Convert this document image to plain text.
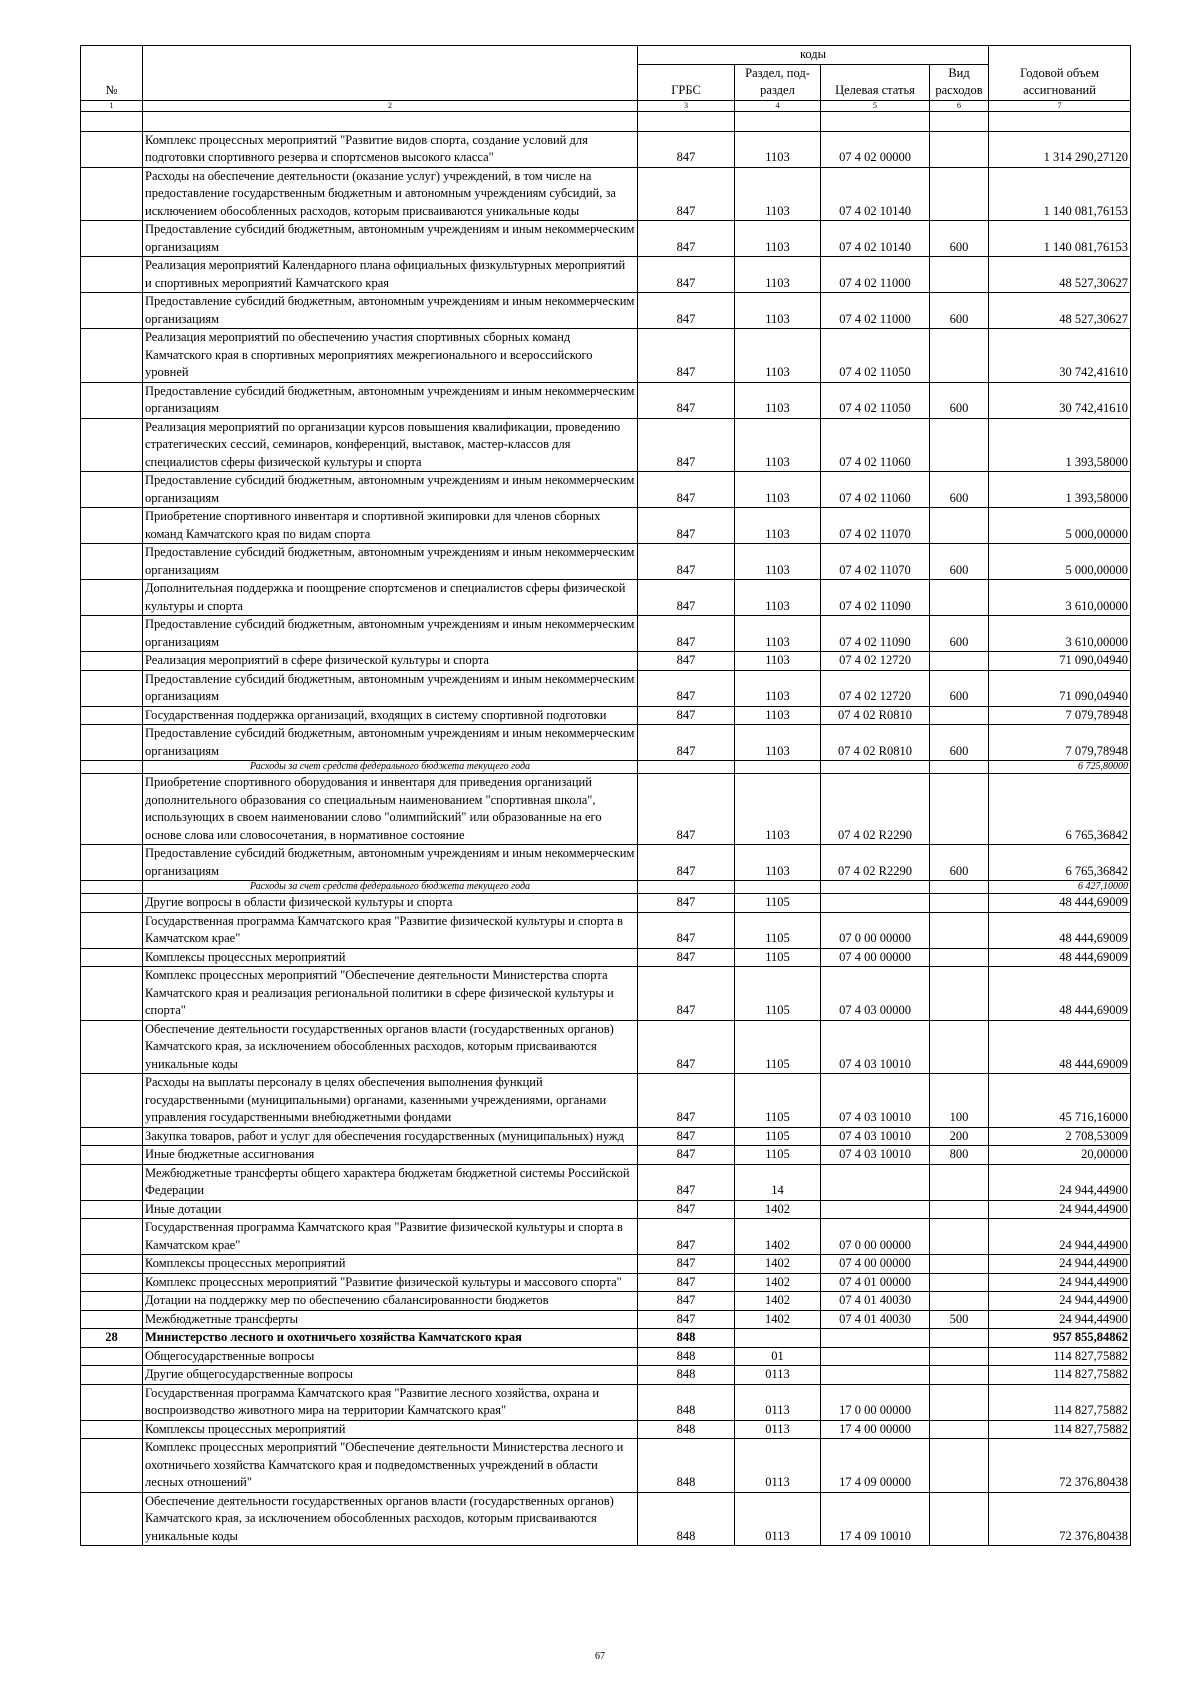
№		коды				Годовой объем ассигнований
		ГРБС	Раздел, под-раздел	Целевая статья	Вид расходов	
1	2	3	4	5	6	7

	Комплекс процессных мероприятий "Развитие видов спорта, создание условий для подготовки спортивного резерва и спортсменов высокого класса"	847	1103	07 4 02 00000		1 314 290,27120
	Расходы на обеспечение деятельности (оказание услуг) учреждений, в том числе на предоставление государственным бюджетным и автономным учреждениям субсидий, за исключением обособленных расходов, которым присваиваются уникальные коды	847	1103	07 4 02 10140		1 140 081,76153
	Предоставление субсидий бюджетным, автономным учреждениям и иным некоммерческим организациям	847	1103	07 4 02 10140	600	1 140 081,76153
	Реализация мероприятий Календарного плана официальных физкультурных мероприятий и спортивных мероприятий Камчатского края	847	1103	07 4 02 11000		48 527,30627
	Предоставление субсидий бюджетным, автономным учреждениям и иным некоммерческим организациям	847	1103	07 4 02 11000	600	48 527,30627
	Реализация мероприятий по обеспечению участия спортивных сборных команд Камчатского края в спортивных мероприятиях межрегионального и всероссийского уровней	847	1103	07 4 02 11050		30 742,41610
	Предоставление субсидий бюджетным, автономным учреждениям и иным некоммерческим организациям	847	1103	07 4 02 11050	600	30 742,41610
	Реализация мероприятий по организации курсов повышения квалификации, проведению стратегических сессий, семинаров, конференций, выставок, мастер-классов для специалистов сферы физической культуры и спорта	847	1103	07 4 02 11060		1 393,58000
	Предоставление субсидий бюджетным, автономным учреждениям и иным некоммерческим организациям	847	1103	07 4 02 11060	600	1 393,58000
	Приобретение спортивного инвентаря и спортивной экипировки для членов сборных команд Камчатского края по видам спорта	847	1103	07 4 02 11070		5 000,00000
	Предоставление субсидий бюджетным, автономным учреждениям и иным некоммерческим организациям	847	1103	07 4 02 11070	600	5 000,00000
	Дополнительная поддержка и поощрение спортсменов и специалистов сферы физической культуры и спорта	847	1103	07 4 02 11090		3 610,00000
	Предоставление субсидий бюджетным, автономным учреждениям и иным некоммерческим организациям	847	1103	07 4 02 11090	600	3 610,00000
	Реализация мероприятий в сфере физической культуры и спорта	847	1103	07 4 02 12720		71 090,04940
	Предоставление субсидий бюджетным, автономным учреждениям и иным некоммерческим организациям	847	1103	07 4 02 12720	600	71 090,04940
	Государственная поддержка организаций, входящих в систему спортивной подготовки	847	1103	07 4 02 R0810		7 079,78948
	Предоставление субсидий бюджетным, автономным учреждениям и иным некоммерческим организациям	847	1103	07 4 02 R0810	600	7 079,78948
	Расходы за счет средств федерального бюджета текущего года					6 725,80000
	Приобретение спортивного оборудования и инвентаря для приведения организаций дополнительного образования со специальным наименованием "спортивная школа", использующих в своем наименовании слово "олимпийский" или образованные на его основе слова или словосочетания, в нормативное состояние	847	1103	07 4 02 R2290		6 765,36842
	Предоставление субсидий бюджетным, автономным учреждениям и иным некоммерческим организациям	847	1103	07 4 02 R2290	600	6 765,36842
	Расходы за счет средств федерального бюджета текущего года					6 427,10000
	Другие вопросы в области физической культуры и спорта	847	1105			48 444,69009
	Государственная программа Камчатского края "Развитие физической культуры и спорта в Камчатском крае"	847	1105	07 0 00 00000		48 444,69009
	Комплексы процессных мероприятий	847	1105	07 4 00 00000		48 444,69009
	Комплекс процессных мероприятий "Обеспечение деятельности Министерства спорта Камчатского края и реализация региональной политики в сфере физической культуры и спорта"	847	1105	07 4 03 00000		48 444,69009
	Обеспечение деятельности государственных органов власти (государственных органов) Камчатского края, за исключением обособленных расходов, которым присваиваются уникальные коды	847	1105	07 4 03 10010		48 444,69009
	Расходы на выплаты персоналу в целях обеспечения выполнения функций государственными (муниципальными) органами, казенными учреждениями, органами управления государственными внебюджетными фондами	847	1105	07 4 03 10010	100	45 716,16000
	Закупка товаров, работ и услуг для обеспечения государственных (муниципальных) нужд	847	1105	07 4 03 10010	200	2 708,53009
	Иные бюджетные ассигнования	847	1105	07 4 03 10010	800	20,00000
	Межбюджетные трансферты общего характера бюджетам бюджетной системы Российской Федерации	847	14			24 944,44900
	Иные дотации	847	1402			24 944,44900
	Государственная программа Камчатского края "Развитие физической культуры и спорта в Камчатском крае"	847	1402	07 0 00 00000		24 944,44900
	Комплексы процессных мероприятий	847	1402	07 4 00 00000		24 944,44900
	Комплекс процессных мероприятий "Развитие физической культуры и массового спорта"	847	1402	07 4 01 00000		24 944,44900
	Дотации на поддержку мер по обеспечению сбалансированности бюджетов	847	1402	07 4 01 40030		24 944,44900
	Межбюджетные трансферты	847	1402	07 4 01 40030	500	24 944,44900
28	Министерство лесного и охотничьего хозяйства Камчатского края	848				957 855,84862
	Общегосударственные вопросы	848	01			114 827,75882
	Другие общегосударственные вопросы	848	0113			114 827,75882
	Государственная программа Камчатского края "Развитие лесного хозяйства, охрана и воспроизводство животного мира на территории Камчатского края"	848	0113	17 0 00 00000		114 827,75882
	Комплексы процессных мероприятий	848	0113	17 4 00 00000		114 827,75882
	Комплекс процессных мероприятий "Обеспечение деятельности Министерства лесного и охотничьего хозяйства Камчатского края и подведомственных учреждений в области лесных отношений"	848	0113	17 4 09 00000		72 376,80438
	Обеспечение деятельности государственных органов власти (государственных органов) Камчатского края, за исключением обособленных расходов, которым присваиваются уникальные коды	848	0113	17 4 09 10010		72 376,80438
67
